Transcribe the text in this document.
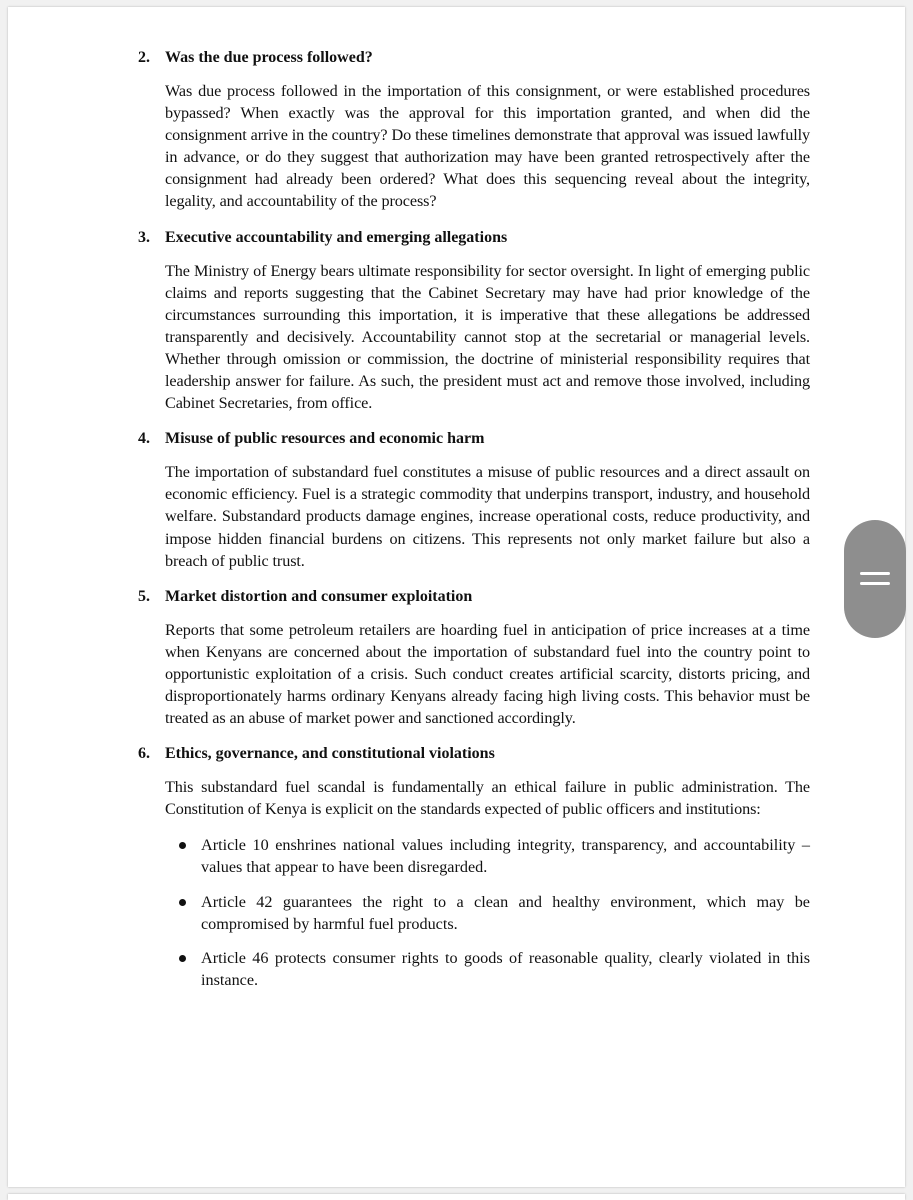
2. Was the due process followed?
Was due process followed in the importation of this consignment, or were established procedures bypassed? When exactly was the approval for this importation granted, and when did the consignment arrive in the country? Do these timelines demonstrate that approval was issued lawfully in advance, or do they suggest that authorization may have been granted retrospectively after the consignment had already been ordered? What does this sequencing reveal about the integrity, legality, and accountability of the process?
3. Executive accountability and emerging allegations
The Ministry of Energy bears ultimate responsibility for sector oversight. In light of emerging public claims and reports suggesting that the Cabinet Secretary may have had prior knowledge of the circumstances surrounding this importation, it is imperative that these allegations be addressed transparently and decisively. Accountability cannot stop at the secretarial or managerial levels. Whether through omission or commission, the doctrine of ministerial responsibility requires that leadership answer for failure. As such, the president must act and remove those involved, including Cabinet Secretaries, from office.
4. Misuse of public resources and economic harm
The importation of substandard fuel constitutes a misuse of public resources and a direct assault on economic efficiency. Fuel is a strategic commodity that underpins transport, industry, and household welfare. Substandard products damage engines, increase operational costs, reduce productivity, and impose hidden financial burdens on citizens. This represents not only market failure but also a breach of public trust.
5. Market distortion and consumer exploitation
Reports that some petroleum retailers are hoarding fuel in anticipation of price increases at a time when Kenyans are concerned about the importation of substandard fuel into the country point to opportunistic exploitation of a crisis. Such conduct creates artificial scarcity, distorts pricing, and disproportionately harms ordinary Kenyans already facing high living costs. This behavior must be treated as an abuse of market power and sanctioned accordingly.
6. Ethics, governance, and constitutional violations
This substandard fuel scandal is fundamentally an ethical failure in public administration. The Constitution of Kenya is explicit on the standards expected of public officers and institutions:
Article 10 enshrines national values including integrity, transparency, and accountability – values that appear to have been disregarded.
Article 42 guarantees the right to a clean and healthy environment, which may be compromised by harmful fuel products.
Article 46 protects consumer rights to goods of reasonable quality, clearly violated in this instance.
